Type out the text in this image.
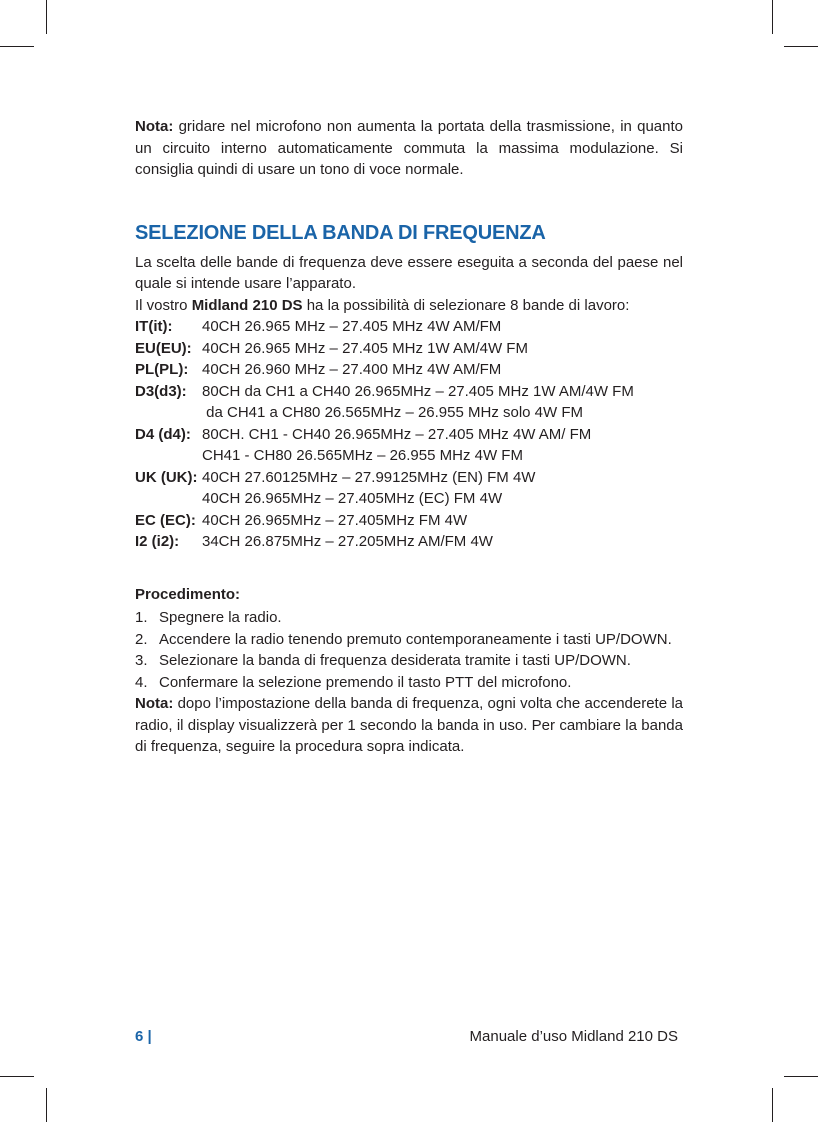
Nota: gridare nel microfono non aumenta la portata della trasmissione, in quanto un circuito interno automaticamente commuta la massima modulazione. Si consiglia quindi di usare un tono di voce normale.

SELEZIONE DELLA BANDA DI FREQUENZA

La scelta delle bande di frequenza deve essere eseguita a seconda del paese nel quale si intende usare l’apparato.

Il vostro Midland 210 DS ha la possibilità di selezionare 8 bande di lavoro:

IT(it):	40CH 26.965 MHz – 27.405 MHz 4W AM/FM
EU(EU): 40CH 26.965 MHz – 27.405 MHz 1W AM/4W FM
PL(PL): 40CH 26.960 MHz – 27.400 MHz 4W AM/FM
D3(d3):	80CH da CH1 a CH40 26.965MHz – 27.405 MHz 1W AM/4W FM
da CH41 a CH80 26.565MHz – 26.955 MHz solo 4W FM
D4 (d4): 80CH. CH1 - CH40 26.965MHz – 27.405 MHz 4W AM/ FM
CH41 - CH80 26.565MHz – 26.955 MHz 4W FM
UK (UK): 40CH 27.60125MHz – 27.99125MHz (EN) FM 4W
40CH 26.965MHz – 27.405MHz (EC) FM 4W
EC (EC): 40CH 26.965MHz – 27.405MHz FM 4W
I2 (i2):	34CH 26.875MHz – 27.205MHz AM/FM 4W
Procedimento:
1. Spegnere la radio.
2. Accendere la radio tenendo premuto contemporaneamente i tasti UP/DOWN.
3. Selezionare la banda di frequenza desiderata tramite i tasti UP/DOWN.
4. Confermare la selezione premendo il tasto PTT del microfono.

Nota: dopo l’impostazione della banda di frequenza, ogni volta che accenderete la radio, il display visualizzerà per 1 secondo la banda in uso. Per cambiare la banda di frequenza, seguire la procedura sopra indicata.

6 |	Manuale d’uso Midland 210 DS
